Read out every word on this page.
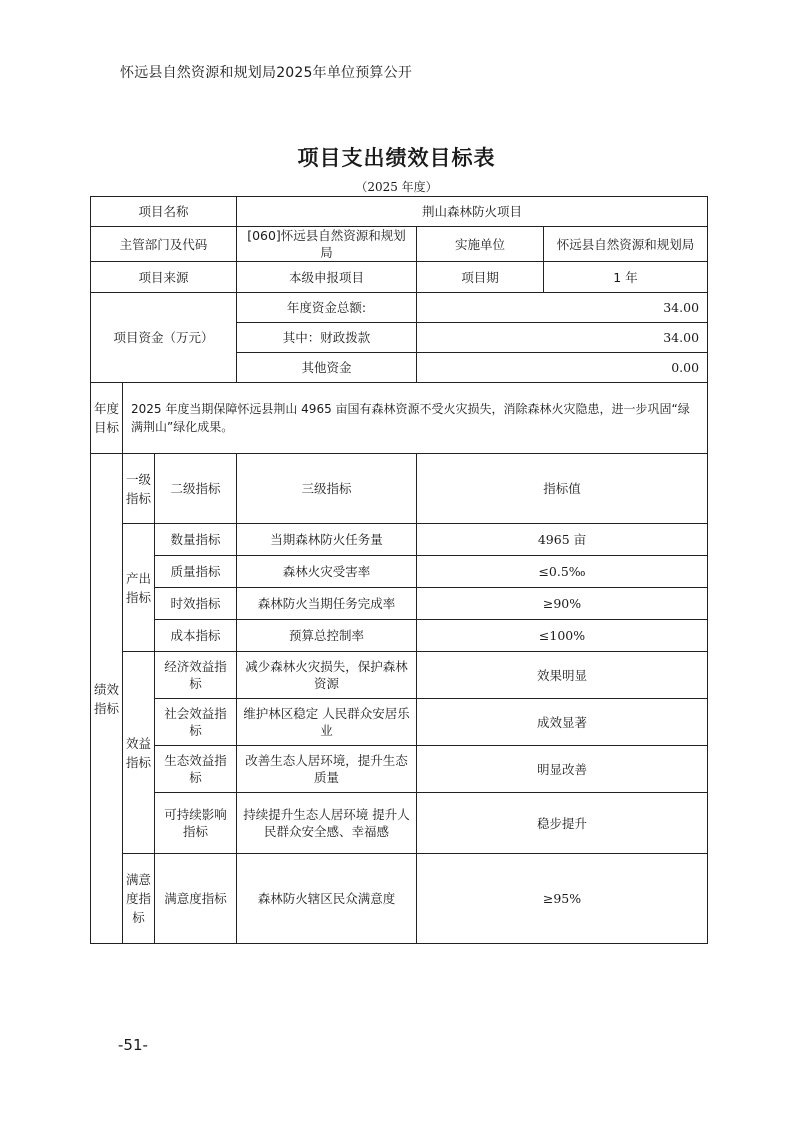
怀远县自然资源和规划局2025年单位预算公开
项目支出绩效目标表
（2025 年度）
项目名称			荆山森林防火项目		
主管部门及代码			[060]怀远县自然资源和规划局	实施单位	怀远县自然资源和规划局
项目来源			本级申报项目	项目期	1 年
项目资金（万元）			年度资金总额:	34.00	
			其中：财政拨款	34.00	
			其他资金	0.00	
年度目标	2025 年度当期保障怀远县荆山 4965 亩国有森林资源不受火灾损失，消除森林火灾隐患，进一步巩固“绿满荆山”绿化成果。				
绩效指标	一级指标	二级指标	三级指标	指标值	
	产出指标	数量指标	当期森林防火任务量	4965 亩	
		质量指标	森林火灾受害率	≤0.5‰	
		时效指标	森林防火当期任务完成率	≥90%	
		成本指标	预算总控制率	≤100%	
	效益指标	经济效益指标	减少森林火灾损失，保护森林资源	效果明显	
		社会效益指标	维护林区稳定 人民群众安居乐业	成效显著	
		生态效益指标	改善生态人居环境，提升生态质量	明显改善	
		可持续影响指标	持续提升生态人居环境 提升人民群众安全感、幸福感	稳步提升	
	满意度指标	满意度指标	森林防火辖区民众满意度	≥95%	
-51-
